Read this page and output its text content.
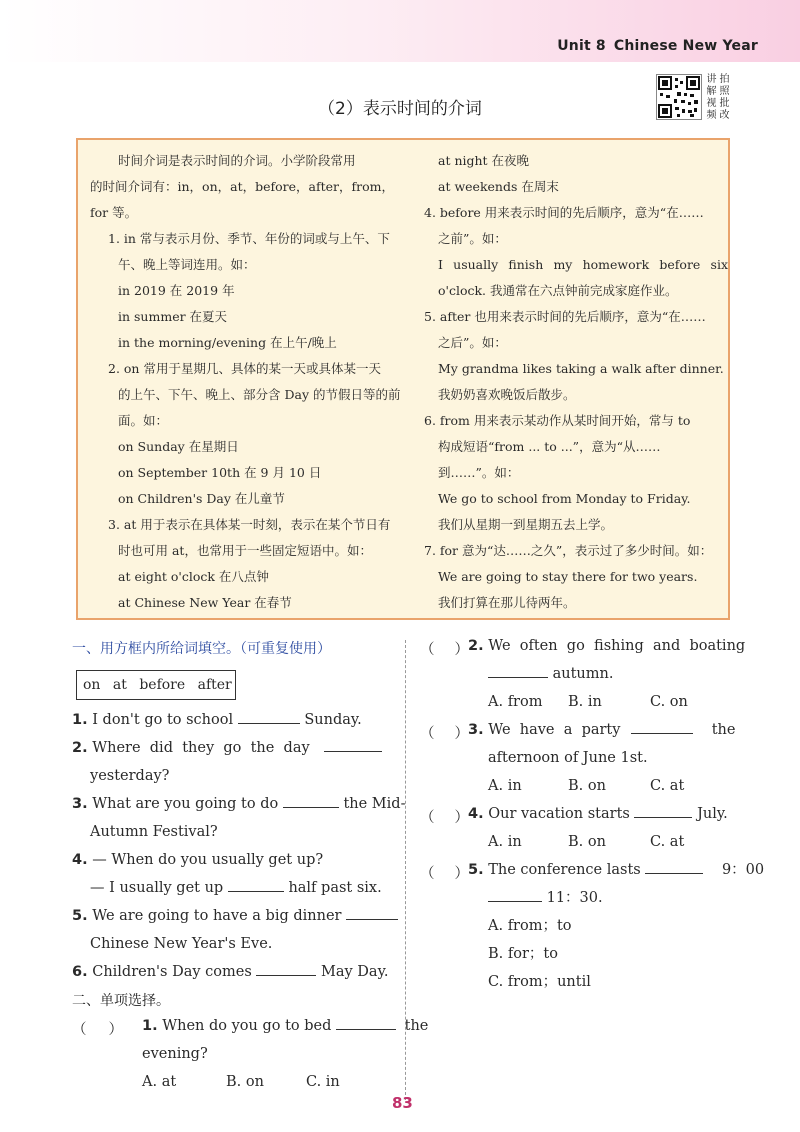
Unit 8 Chinese New Year
（2）表示时间的介词
讲 拍
解 照
视 批
频 改
时间介词是表示时间的介词。小学阶段常用
的时间介词有：in，on，at，before，after，from，
for 等。
1. in 常与表示月份、季节、年份的词或与上午、下
午、晚上等词连用。如：
in 2019 在 2019 年
in summer 在夏天
in the morning/evening 在上午/晚上
2. on 常用于星期几、具体的某一天或具体某一天
的上午、下午、晚上、部分含 Day 的节假日等的前
面。如：
on Sunday 在星期日
on September 10th 在 9 月 10 日
on Children's Day 在儿童节
3. at 用于表示在具体某一时刻，表示在某个节日有
时也可用 at，也常用于一些固定短语中。如：
at eight o'clock 在八点钟
at Chinese New Year 在春节
at night 在夜晚
at weekends 在周末
4. before 用来表示时间的先后顺序，意为“在……
之前”。如：
I usually finish my homework before six
o'clock. 我通常在六点钟前完成家庭作业。
5. after 也用来表示时间的先后顺序，意为“在……
之后”。如：
My grandma likes taking a walk after dinner.
我奶奶喜欢晚饭后散步。
6. from 用来表示某动作从某时间开始，常与 to
构成短语“from ... to ...”，意为“从……
到……”。如：
We go to school from Monday to Friday.
我们从星期一到星期五去上学。
7. for 意为“达……之久”，表示过了多少时间。如：
We are going to stay there for two years.
我们打算在那儿待两年。
一、用方框内所给词填空。（可重复使用）
on at before after
1. I don't go to school	Sunday.
2. Where  did  they  go  the  day
yesterday?
3. What are you going to do	the Mid-
Autumn Festival?
4. — When do you usually get up?
— I usually get up	half past six.
5. We are going to have a big dinner
Chinese New Year's Eve.
6. Children's Day comes	May Day.
二、单项选择。
（ ） 1. When do you go to bed	the
evening?
A. at	B. on	C. in
（ ） 2. We  often  go  fishing  and  boating
autumn.
A. from B. in	C. on
（ ） 3. We  have  a  party	the
afternoon of June 1st.
A. in	B. on	C. at
（ ） 4. Our vacation starts	July.
A. in	B. on	C. at
（ ） 5. The conference lasts	9：00
11：30.
A. from；to
B. for；to
C. from；until
83
